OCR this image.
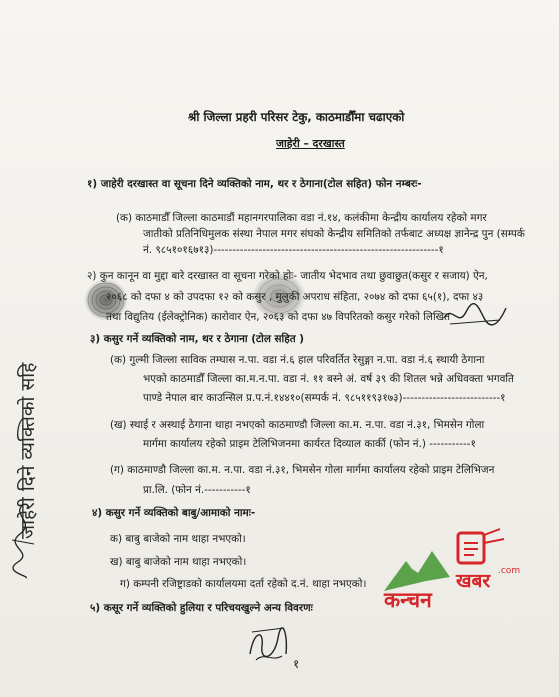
श्री जिल्ला प्रहरी परिसर टेकु, काठमाडौँमा चढाएको
जाहेरी – दरखास्त
१) जाहेरी दरखास्त वा सूचना दिने व्यक्तिको नाम, थर र ठेगाना(टोल सहित) फोन नम्बरः-
(क) काठमाडौँ जिल्ला काठमाडौं महानगरपालिका वडा नं.१४, कलंकीमा केन्द्रीय कार्यालय रहेको मगर
जातीको प्रतिनिधिमुलक संस्था नेपाल मगर संघको केन्द्रीय समितिको तर्फबाट अध्यक्ष ज्ञानेन्द्र पुन (सम्पर्क
नं. ९८५१०१६७१३)------------------------------------------------------------१
२) कुन कानून वा मुद्दा बारे दरखास्त वा सूचना गरेको होः- जातीय भेदभाव तथा छुवाछुत(कसुर र सजाय) ऐन,
२०६८ को दफा ४ को उपदफा १२ को कसुर , मुलुकी अपराध संहिता, २०७४ को दफा ६५(१), दफा ४३
तथा विद्युतिय (ईलेक्ट्रोनिक) कारोवार ऐन, २०६३ को दफा ४७ विपरितको कसुर गरेको लिखित
३) कसुर गर्ने व्यक्तिको नाम, थर र ठेगाना (टोल सहित )
(क) गुल्मी जिल्ला साविक तम्घास न.पा. वडा नं.६ हाल परिवर्तित रेसुङ्गा न.पा. वडा नं.६ स्थायी ठेगाना
भएको काठमाडौँ जिल्ला का.म.न.पा. वडा नं. ११ बस्ने अं. वर्ष ३९ की शितल भन्ने अधिवक्ता भगवति
पाण्डे नेपाल बार काउन्सिल प्र.प.नं.१४४१०(सम्पर्क नं. ९८५११९३१७३)--------------------------१
(ख) स्थाई र अस्थाई ठेगाना थाहा नभएको काठमाण्डौ जिल्ला का.म. न.पा. वडा नं.३१, भिमसेन गोला
मार्गमा कार्यालय रहेको प्राइम टेलिभिजनमा कार्यरत दिव्याल कार्की (फोन नं.) -----------१
(ग) काठमाण्डौ जिल्ला का.म. न.पा. वडा नं.३१, भिमसेन गोला मार्गमा कार्यालय रहेको प्राइम टेलिभिजन
प्रा.लि. (फोन नं.-----------१
४) कसुर गर्ने व्यक्तिको बाबु/आमाको नामः-
क) बाबु बाजेको नाम थाहा नभएको।
ख) बाबु बाजेको नाम थाहा नभएको।
ग) कम्पनी रजिष्ट्राडको कार्यालयमा दर्ता रहेको द.नं. थाहा नभएको।
५) कसूर गर्ने व्यक्तिको हुलिया र परिचयखुल्ने अन्य विवरणः
जाहेरी दिने व्यक्तिको सहि
१
कन्चन
खबर .com
